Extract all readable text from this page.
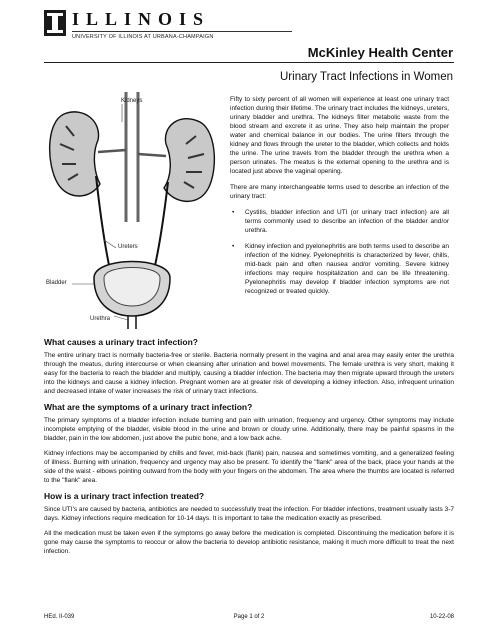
ILLINOIS
UNIVERSITY OF ILLINOIS AT URBANA-CHAMPAIGN
McKinley Health Center
Urinary Tract Infections in Women
Kidneys
Ureters
Bladder
Urethra

Fifty to sixty percent of all women will experience at least one urinary tract infection during their lifetime. The urinary tract includes the kidneys, ureters, urinary bladder and urethra. The kidneys filter metabolic waste from the blood stream and excrete it as urine. They also help maintain the proper water and chemical balance in our bodies. The urine filters through the kidney and flows through the ureter to the bladder, which collects and holds the urine. The urine travels from the bladder through the urethra when a person urinates. The meatus is the external opening to the urethra and is located just above the vaginal opening.

There are many interchangeable terms used to describe an infection of the urinary tract:

• Cystitis, bladder infection and UTI (or urinary tract infection) are all terms commonly used to describe an infection of the bladder and/or urethra.
• Kidney infection and pyelonephritis are both terms used to describe an infection of the kidney. Pyelonephritis is characterized by fever, chills, mid-back pain and often nausea and/or vomiting. Severe kidney infections may require hospitalization and can be life threatening. Pyelonephritis may develop if bladder infection symptoms are not recognized or treated quickly.
What causes a urinary tract infection?

The entire urinary tract is normally bacteria-free or sterile. Bacteria normally present in the vagina and anal area may easily enter the urethra through the meatus, during intercourse or when cleansing after urination and bowel movements. The female urethra is very short, making it easy for the bacteria to reach the bladder and multiply, causing a bladder infection. The bacteria may then migrate upward through the ureters into the kidneys and cause a kidney infection. Pregnant women are at greater risk of developing a kidney infection. Also, infrequent urination and decreased intake of water increases the risk of urinary tract infections.

What are the symptoms of a urinary tract infection?

The primary symptoms of a bladder infection include burning and pain with urination, frequency and urgency. Other symptoms may include incomplete emptying of the bladder, visible blood in the urine and brown or cloudy urine. Additionally, there may be painful spasms in the bladder, pain in the low abdomen, just above the pubic bone, and a low back ache.

Kidney infections may be accompanied by chills and fever, mid-back (flank) pain, nausea and sometimes vomiting, and a generalized feeling of illness. Burning with urination, frequency and urgency may also be present. To identify the "flank" area of the back, place your hands at the side of the waist - elbows pointing outward from the body with your fingers on the abdomen. The area where the thumbs are located is referred to the "flank" area.

How is a urinary tract infection treated?

Since UTI's are caused by bacteria, antibiotics are needed to successfully treat the infection. For bladder infections, treatment usually lasts 3-7 days. Kidney infections require medication for 10-14 days. It is important to take the medication exactly as prescribed.

All the medication must be taken even if the symptoms go away before the medication is completed. Discontinuing the medication before it is gone may cause the symptoms to reoccur or allow the bacteria to develop antibiotic resistance, making it much more difficult to treat the next infection.

HEd. II-039	Page 1 of 2	10-22-08
